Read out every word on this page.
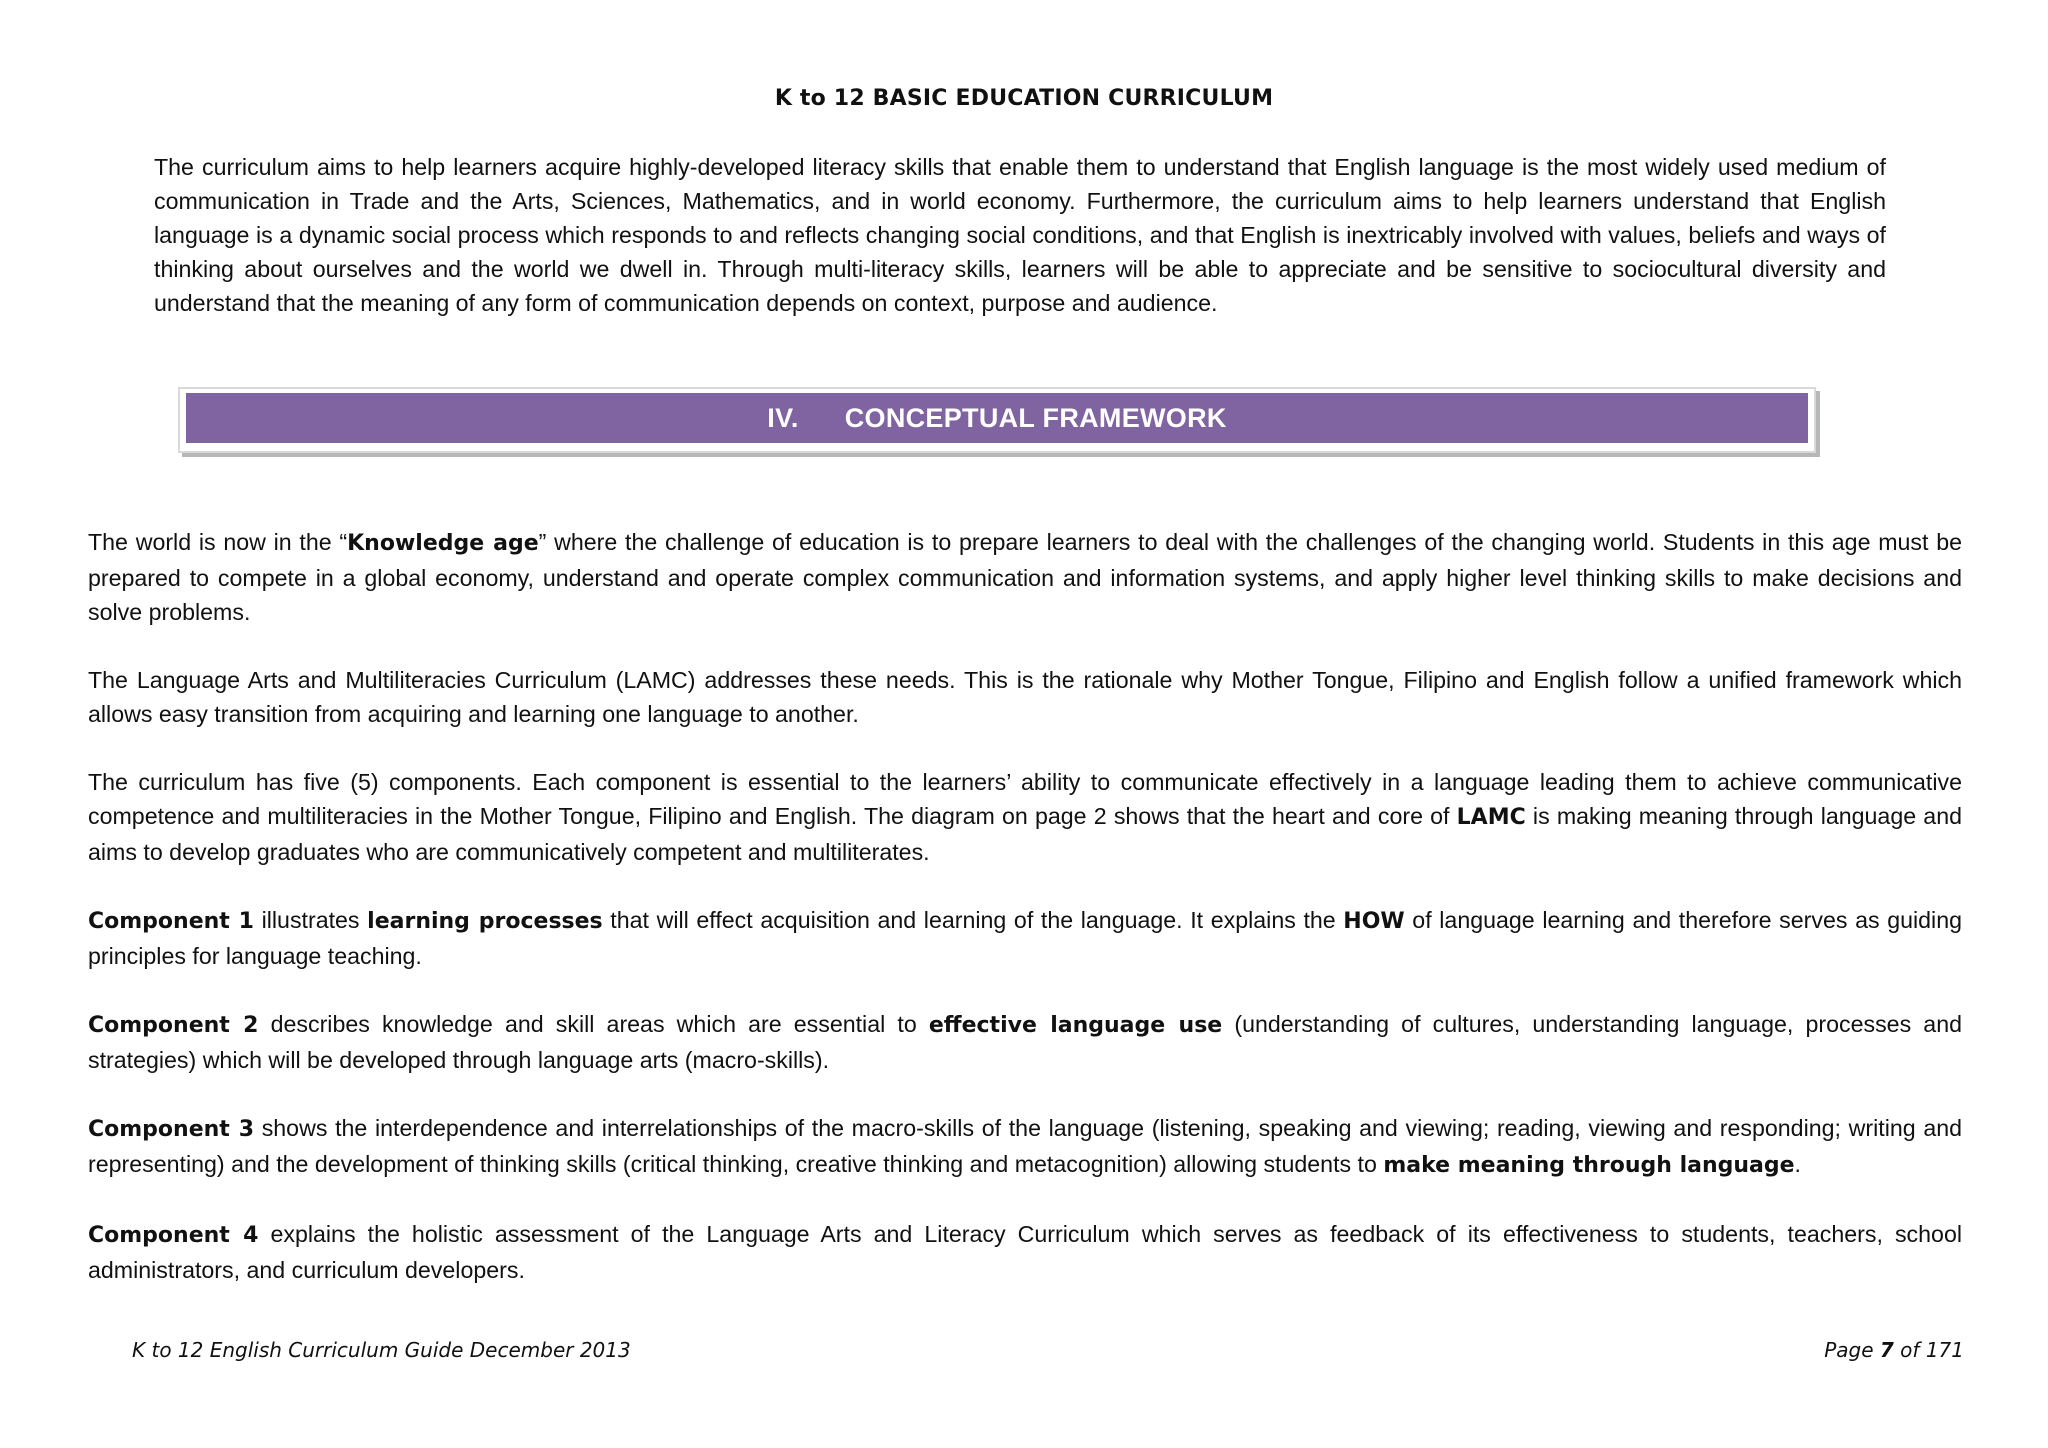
K to 12 BASIC EDUCATION CURRICULUM
The curriculum aims to help learners acquire highly-developed literacy skills that enable them to understand that English language is the most widely used medium of communication in Trade and the Arts, Sciences, Mathematics, and in world economy. Furthermore, the curriculum aims to help learners understand that English language is a dynamic social process which responds to and reflects changing social conditions, and that English is inextricably involved with values, beliefs and ways of thinking about ourselves and the world we dwell in. Through multi-literacy skills, learners will be able to appreciate and be sensitive to sociocultural diversity and understand that the meaning of any form of communication depends on context, purpose and audience.
IV. CONCEPTUAL FRAMEWORK

The world is now in the “Knowledge age” where the challenge of education is to prepare learners to deal with the challenges of the changing world. Students in this age must be prepared to compete in a global economy, understand and operate complex communication and information systems, and apply higher level thinking skills to make decisions and solve problems.

The Language Arts and Multiliteracies Curriculum (LAMC) addresses these needs. This is the rationale why Mother Tongue, Filipino and English follow a unified framework which allows easy transition from acquiring and learning one language to another.

The curriculum has five (5) components. Each component is essential to the learners’ ability to communicate effectively in a language leading them to achieve communicative competence and multiliteracies in the Mother Tongue, Filipino and English. The diagram on page 2 shows that the heart and core of LAMC is making meaning through language and aims to develop graduates who are communicatively competent and multiliterates.

Component 1 illustrates learning processes that will effect acquisition and learning of the language. It explains the HOW of language learning and therefore serves as guiding principles for language teaching.

Component 2 describes knowledge and skill areas which are essential to effective language use (understanding of cultures, understanding language, processes and strategies) which will be developed through language arts (macro-skills).

Component 3 shows the interdependence and interrelationships of the macro-skills of the language (listening, speaking and viewing; reading, viewing and responding; writing and representing) and the development of thinking skills (critical thinking, creative thinking and metacognition) allowing students to make meaning through language.

Component 4 explains the holistic assessment of the Language Arts and Literacy Curriculum which serves as feedback of its effectiveness to students, teachers, school administrators, and curriculum developers.

K to 12 English Curriculum Guide December 2013	Page 7 of 171
